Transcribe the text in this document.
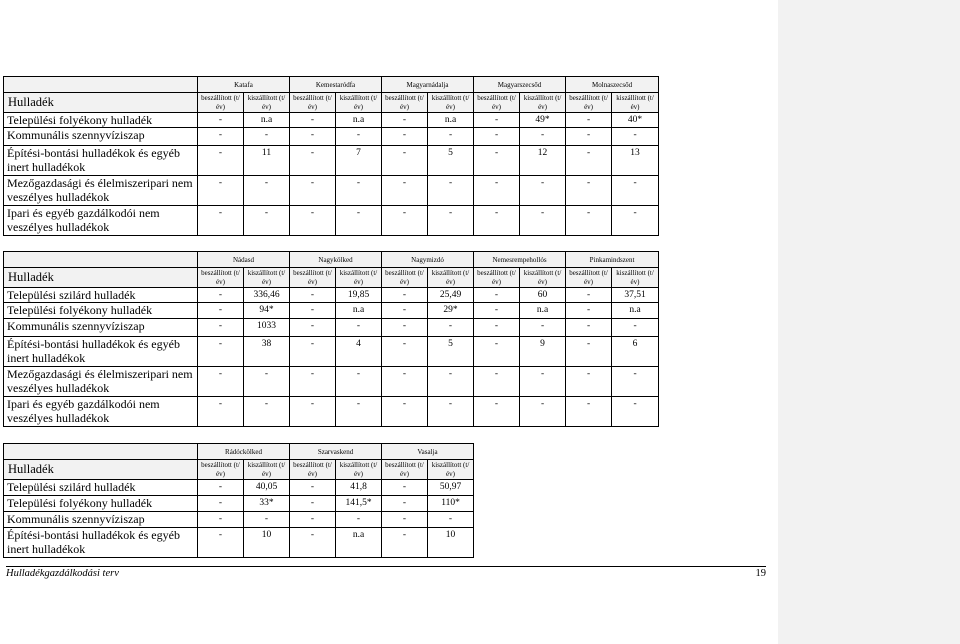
	Katafa		Kemestaródfa		Magyarnádalja		Magyarszecsőd		Molnaszecsőd	
Hulladék	beszállított (t/év)	kiszállított (t/év)	beszállított (t/év)	kiszállított (t/év)	beszállított (t/év)	kiszállított (t/év)	beszállított (t/év)	kiszállított (t/év)	beszállított (t/év)	kiszállított (t/év)
Települési folyékony hulladék	-	n.a	-	n.a	-	n.a	-	49*	-	40*
Kommunális szennyvíziszap	-	-	-	-	-	-	-	-	-	-
Építési-bontási hulladékok és egyéb inert hulladékok	-	11	-	7	-	5	-	12	-	13
Mezőgazdasági és élelmiszeripari nem veszélyes hulladékok	-	-	-	-	-	-	-	-	-	-
Ipari és egyéb gazdálkodói nem veszélyes hulladékok	-	-	-	-	-	-	-	-	-	-
	Nádasd		Nagykölked		Nagymizdó		Nemesrempehollós		Pinkamindszent	
Hulladék	beszállított (t/év)	kiszállított (t/év)	beszállított (t/év)	kiszállított (t/év)	beszállított (t/év)	kiszállított (t/év)	beszállított (t/év)	kiszállított (t/év)	beszállított (t/év)	kiszállított (t/év)
Települési szilárd hulladék	-	336,46	-	19,85	-	25,49	-	60	-	37,51
Települési folyékony hulladék	-	94*	-	n.a	-	29*	-	n.a	-	n.a
Kommunális szennyvíziszap	-	1033	-	-	-	-	-	-	-	-
Építési-bontási hulladékok és egyéb inert hulladékok	-	38	-	4	-	5	-	9	-	6
Mezőgazdasági és élelmiszeripari nem veszélyes hulladékok	-	-	-	-	-	-	-	-	-	-
Ipari és egyéb gazdálkodói nem veszélyes hulladékok	-	-	-	-	-	-	-	-	-	-
	Rádóckölked		Szarvaskend		Vasalja	
Hulladék	beszállított (t/év)	kiszállított (t/év)	beszállított (t/év)	kiszállított (t/év)	beszállított (t/év)	kiszállított (t/év)
Települési szilárd hulladék	-	40,05	-	41,8	-	50,97
Települési folyékony hulladék	-	33*	-	141,5*	-	110*
Kommunális szennyvíziszap	-	-	-	-	-	-
Építési-bontási hulladékok és egyéb inert hulladékok	-	10	-	n.a	-	10
Hulladékgazdálkodási terv	19
